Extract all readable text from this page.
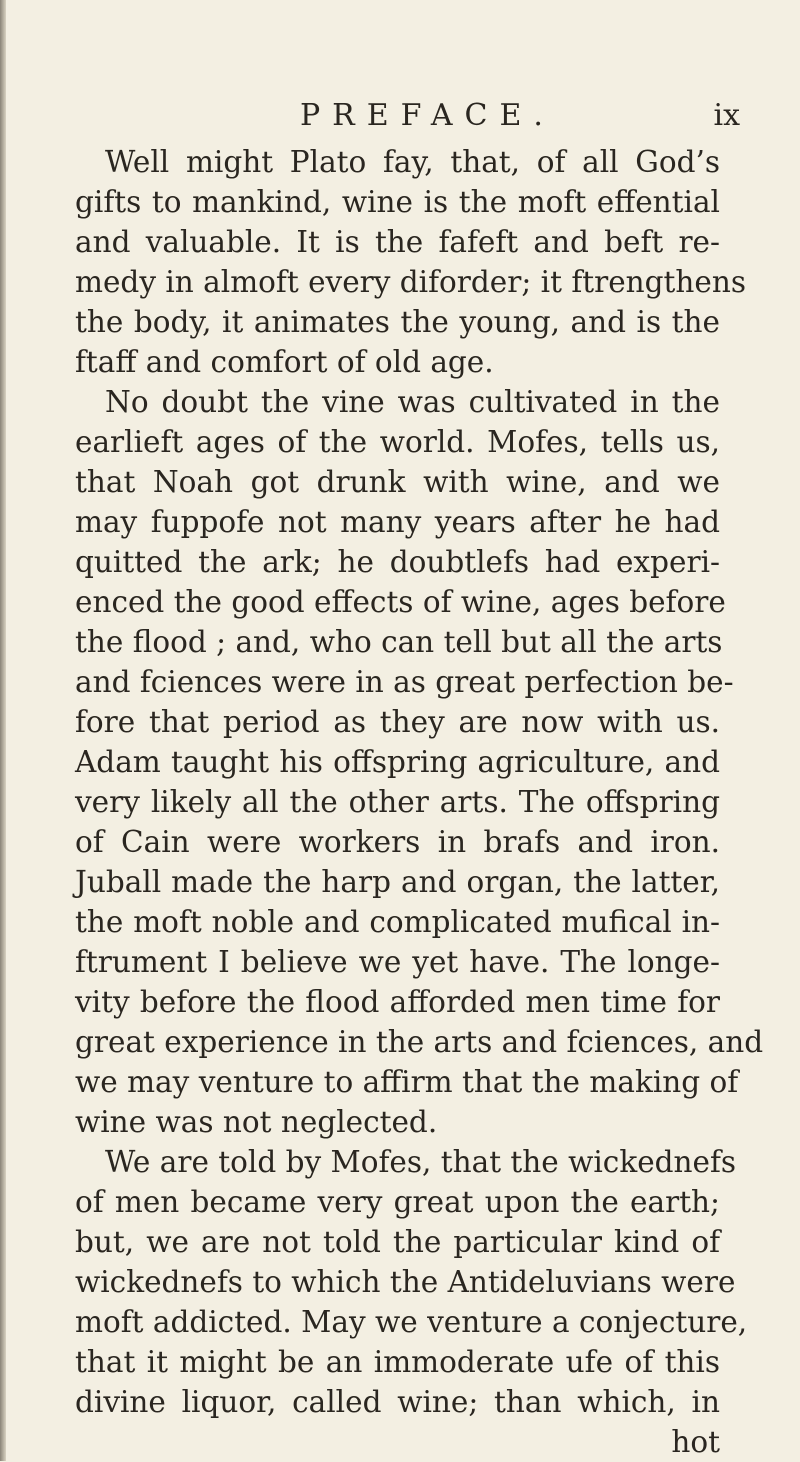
PREFACE.	ix
Well might Plato fay, that, of all God’s
gifts to mankind, wine is the moft effential
and valuable. It is the fafeft and beft re-
medy in almoft every diforder; it ftrengthens
the body, it animates the young, and is the
ftaff and comfort of old age.
No doubt the vine was cultivated in the
earlieft ages of the world. Mofes, tells us,
that Noah got drunk with wine, and we
may fuppofe not many years after he had
quitted the ark; he doubtlefs had experi-
enced the good effects of wine, ages before
the flood ; and, who can tell but all the arts
and fciences were in as great perfection be-
fore that period as they are now with us.
Adam taught his offspring agriculture, and
very likely all the other arts. The offspring
of Cain were workers in brafs and iron.
Juball made the harp and organ, the latter,
the moft noble and complicated mufical in-
ftrument I believe we yet have. The longe-
vity before the flood afforded men time for
great experience in the arts and fciences, and
we may venture to affirm that the making of
wine was not neglected.
We are told by Mofes, that the wickednefs
of men became very great upon the earth;
but, we are not told the particular kind of
wickednefs to which the Antideluvians were
moft addicted. May we venture a conjecture,
that it might be an immoderate ufe of this
divine liquor, called wine; than which, in
hot
